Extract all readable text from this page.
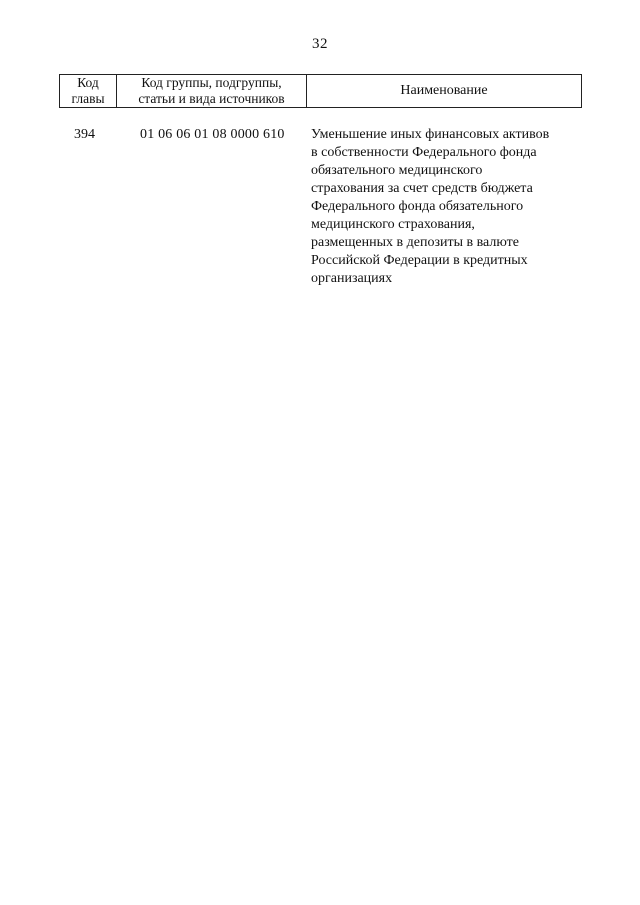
32
Код
главы
Код группы, подгруппы,
статьи и вида источников
Наименование
394	01 06 06 01 08 0000 610 Уменьшение иных финансовых активов
в собственности Федерального фонда
обязательного медицинского
страхования за счет средств бюджета
Федерального фонда обязательного
медицинского страхования,
размещенных в депозиты в валюте
Российской Федерации в кредитных
организациях
